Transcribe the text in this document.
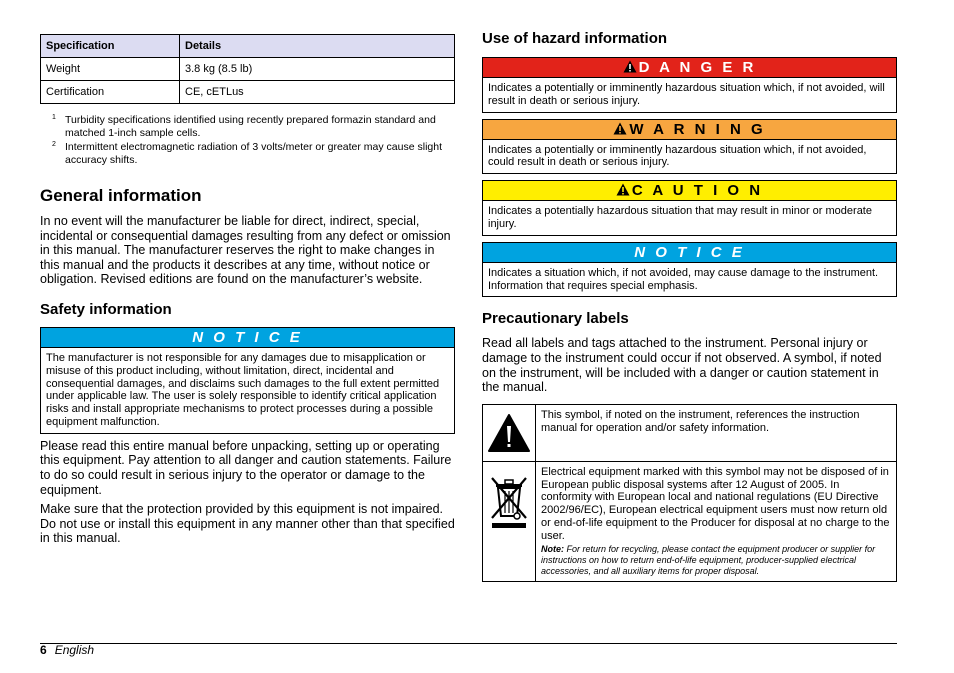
Specification	Details
Weight	3.8 kg (8.5 lb)
Certification	CE, cETLus
1 Turbidity specifications identified using recently prepared formazin standard and matched 1-inch sample cells.
2 Intermittent electromagnetic radiation of 3 volts/meter or greater may cause slight accuracy shifts.
General information

In no event will the manufacturer be liable for direct, indirect, special, incidental or consequential damages resulting from any defect or omission in this manual. The manufacturer reserves the right to make changes in this manual and the products it describes at any time, without notice or obligation. Revised editions are found on the manufacturer’s website.

Safety information
N O T I C E
The manufacturer is not responsible for any damages due to misapplication or misuse of this product including, without limitation, direct, incidental and consequential damages, and disclaims such damages to the full extent permitted under applicable law. The user is solely responsible to identify critical application risks and install appropriate mechanisms to protect processes during a possible equipment malfunction.

Please read this entire manual before unpacking, setting up or operating this equipment. Pay attention to all danger and caution statements. Failure to do so could result in serious injury to the operator or damage to the equipment.

Make sure that the protection provided by this equipment is not impaired. Do not use or install this equipment in any manner other than that specified in this manual.

Use of hazard information
D A N G E R
Indicates a potentially or imminently hazardous situation which, if not avoided, will result in death or serious injury.
W A R N I N G
Indicates a potentially or imminently hazardous situation which, if not avoided, could result in death or serious injury.
C A U T I O N
Indicates a potentially hazardous situation that may result in minor or moderate injury.
N O T I C E
Indicates a situation which, if not avoided, may cause damage to the instrument. Information that requires special emphasis.
Precautionary labels

Read all labels and tags attached to the instrument. Personal injury or damage to the instrument could occur if not observed. A symbol, if noted on the instrument, will be included with a danger or caution statement in the manual.

	This symbol, if noted on the instrument, references the instruction manual for operation and/or safety information.

Electrical equipment marked with this symbol may not be disposed of in European public disposal systems after 12 August of 2005. In conformity with European local and national regulations (EU Directive 2002/96/EC), European electrical equipment users must now return old or end-of-life equipment to the Producer for disposal at no charge to the user.
Note: For return for recycling, please contact the equipment producer or supplier for instructions on how to return end-of-life equipment, producer-supplied electrical accessories, and all auxiliary items for proper disposal.
6 English
